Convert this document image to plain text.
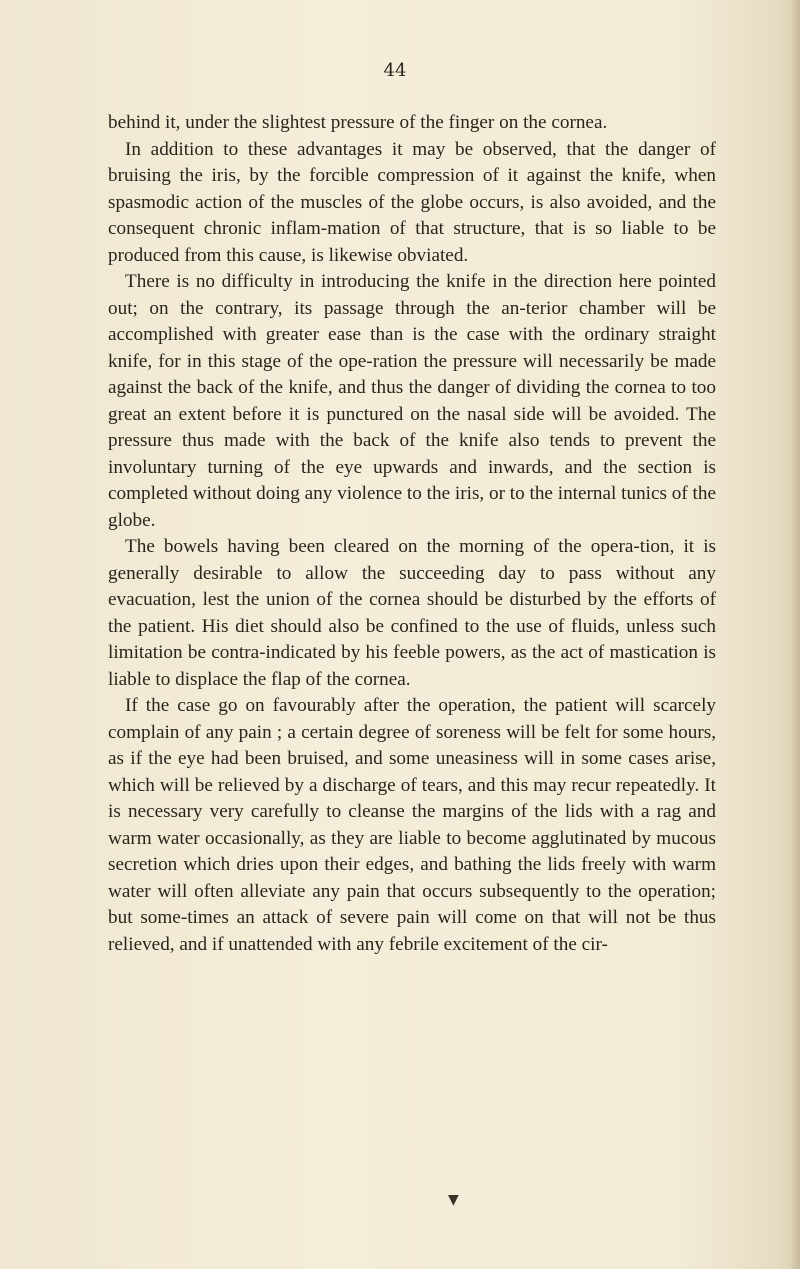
44

behind it, under the slightest pressure of the finger on the cornea.

In addition to these advantages it may be observed, that the danger of bruising the iris, by the forcible compression of it against the knife, when spasmodic action of the muscles of the globe occurs, is also avoided, and the consequent chronic inflam-mation of that structure, that is so liable to be produced from this cause, is likewise obviated.

There is no difficulty in introducing the knife in the direction here pointed out; on the contrary, its passage through the an-terior chamber will be accomplished with greater ease than is the case with the ordinary straight knife, for in this stage of the ope-ration the pressure will necessarily be made against the back of the knife, and thus the danger of dividing the cornea to too great an extent before it is punctured on the nasal side will be avoided. The pressure thus made with the back of the knife also tends to prevent the involuntary turning of the eye upwards and inwards, and the section is completed without doing any violence to the iris, or to the internal tunics of the globe.

The bowels having been cleared on the morning of the opera-tion, it is generally desirable to allow the succeeding day to pass without any evacuation, lest the union of the cornea should be disturbed by the efforts of the patient. His diet should also be confined to the use of fluids, unless such limitation be contra-indicated by his feeble powers, as the act of mastication is liable to displace the flap of the cornea.

If the case go on favourably after the operation, the patient will scarcely complain of any pain ; a certain degree of soreness will be felt for some hours, as if the eye had been bruised, and some uneasiness will in some cases arise, which will be relieved by a discharge of tears, and this may recur repeatedly. It is necessary very carefully to cleanse the margins of the lids with a rag and warm water occasionally, as they are liable to become agglutinated by mucous secretion which dries upon their edges, and bathing the lids freely with warm water will often alleviate any pain that occurs subsequently to the operation; but some-times an attack of severe pain will come on that will not be thus relieved, and if unattended with any febrile excitement of the cir-

▼
